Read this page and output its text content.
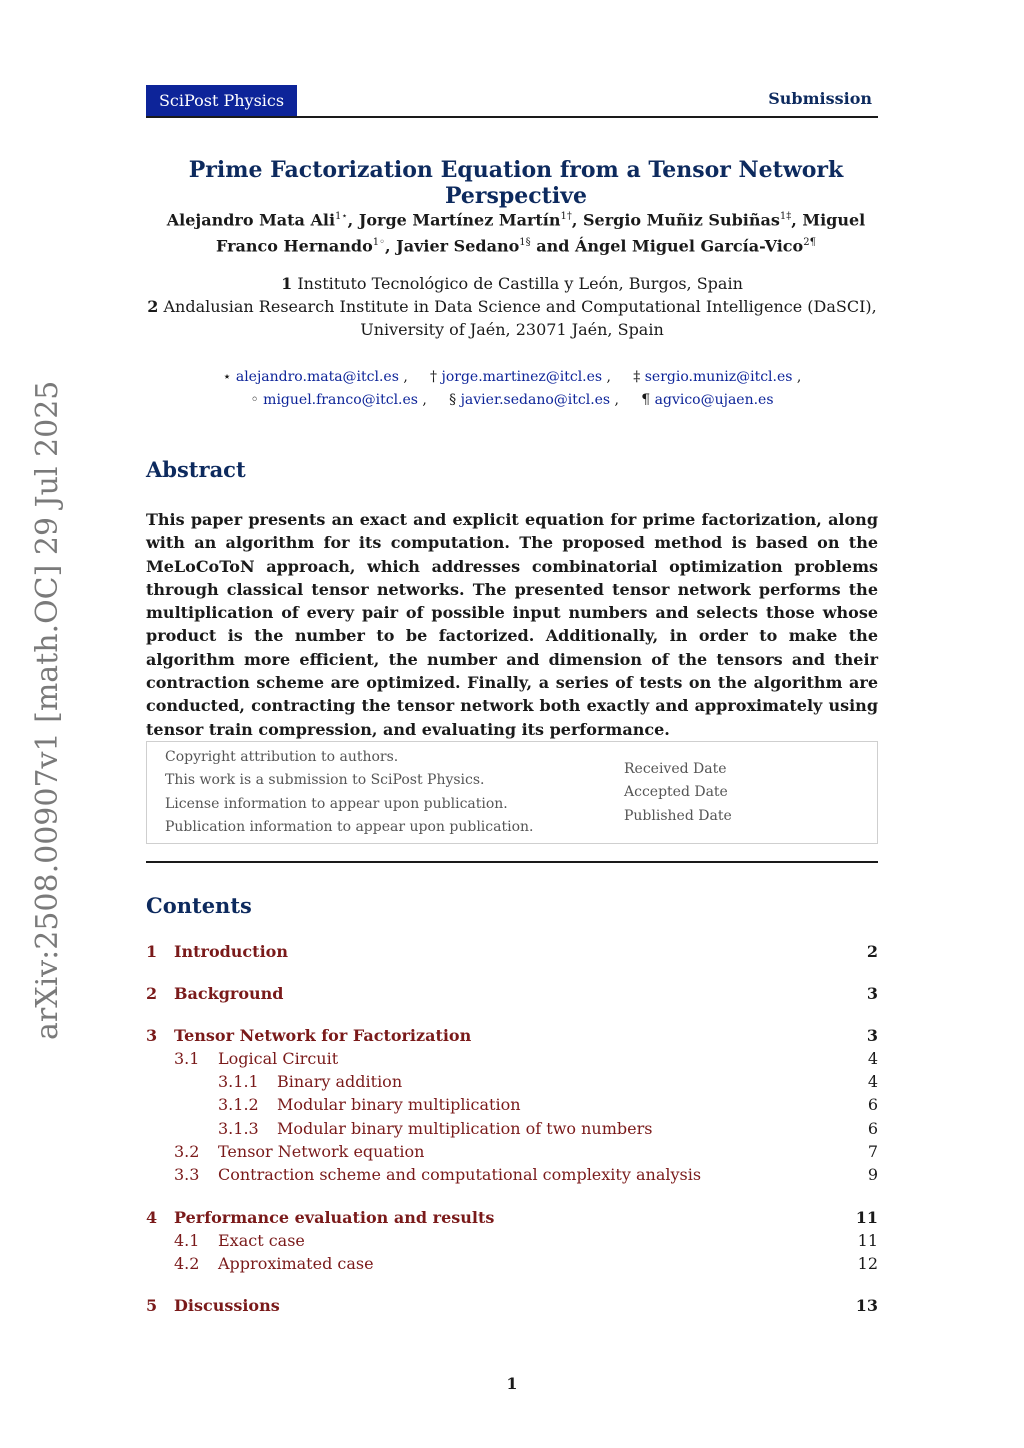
SciPost Physics	Submission
Prime Factorization Equation from a Tensor Network Perspective
Alejandro Mata Ali$^{1⋆}$, Jorge Martínez Martín$^{1\dagger}$, Sergio Muñiz Subiñas$^{1\ddagger}$, Miguel Franco Hernando$^{1◦}$, Javier Sedano$^{1\S}$ and Ángel Miguel García-Vico$^{2\P}$
1 Instituto Tecnológico de Castilla y León, Burgos, Spain
2 Andalusian Research Institute in Data Science and Computational Intelligence (DaSCI),
University of Jaén, 23071 Jaén, Spain
⋆ alejandro.mata@itcl.es ,     † jorge.martinez@itcl.es ,     ‡ sergio.muniz@itcl.es ,
◦ miguel.franco@itcl.es ,     § javier.sedano@itcl.es ,     ¶ agvico@ujaen.es
Abstract
This paper presents an exact and explicit equation for prime factorization, along with an algorithm for its computation. The proposed method is based on the MeLoCoToN approach, which addresses combinatorial optimization problems through classical tensor networks. The presented tensor network performs the multiplication of every pair of possible input numbers and selects those whose product is the number to be factorized. Additionally, in order to make the algorithm more efficient, the number and dimension of the tensors and their contraction scheme are optimized. Finally, a series of tests on the algorithm are conducted, contracting the tensor network both exactly and approximately using tensor train compression, and evaluating its performance.
Copyright attribution to authors.
This work is a submission to SciPost Physics.
License information to appear upon publication.
Publication information to appear upon publication.
Received Date
Accepted Date
Published Date
Contents
1 Introduction	2
2 Background	3
3 Tensor Network for Factorization	3
3.1 Logical Circuit	4
3.1.1 Binary addition	4
3.1.2 Modular binary multiplication	6
3.1.3 Modular binary multiplication of two numbers	6
3.2 Tensor Network equation	7
3.3 Contraction scheme and computational complexity analysis	9
4 Performance evaluation and results	11
4.1 Exact case	11
4.2 Approximated case	12
5 Discussions	13
arXiv:2508.00907v1 [math.OC] 29 Jul 2025
1
